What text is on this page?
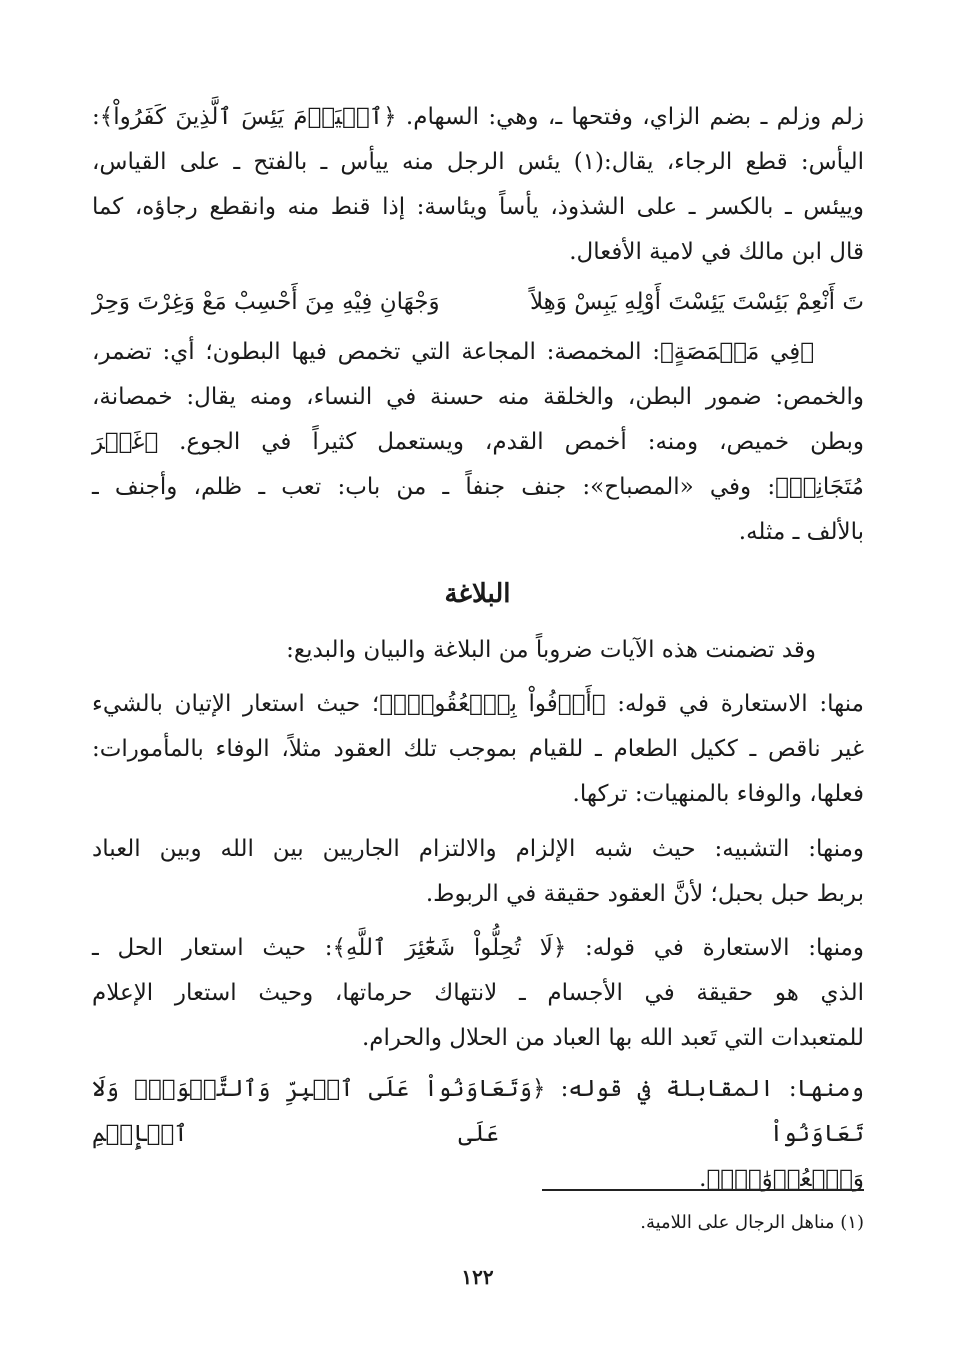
زلم وزلم ـ بضم الزاي، وفتحها ـ، وهي: السهام. ﴿ٱلۡيَوۡمَ يَئِسَ ٱلَّذِينَ كَفَرُواْ﴾:
اليأس: قطع الرجاء، يقال:(١) يئس الرجل منه ييأس ـ بالفتح ـ على القياس،
وييئس ـ بالكسر ـ على الشذوذ، يأساً ويئاسة: إذا قنط منه وانقطع رجاؤه، كما
قال ابن مالك في لامية الأفعال.
تَ أَنْعِمْ بَئِسْتَ يَئِسْتَ أَوْلِهِ يَبِسْ وَهِلاً
وَجْهَانِ فِيْهِ مِنَ أَحْسِبْ مَعْ وَغِرْتَ وَحِرْ
﴿فِي مَخۡمَصَةٍ﴾: المخمصة: المجاعة التي تخمص فيها البطون؛ أي: تضمر،
والخمص: ضمور البطن، والخلقة منه حسنة في النساء، ومنه يقال: خمصانة،
وبطن خميص، ومنه: أخمص القدم، ويستعمل كثيراً في الجوع. ﴿غَيۡرَ
مُتَجَانِفٖ﴾: وفي «المصباح»: جنف جنفاً ـ من باب: تعب ـ ظلم، وأجنف ـ
بالألف ـ مثله.
البلاغة
وقد تضمنت هذه الآيات ضروباً من البلاغة والبيان والبديع:
منها: الاستعارة في قوله: ﴿أَوۡفُواْ بِٱلۡعُقُودِۚ﴾؛ حيث استعار الإتيان بالشيء
غير ناقص ـ ككيل الطعام ـ للقيام بموجب تلك العقود مثلاً، الوفاء بالمأمورات:
فعلها، والوفاء بالمنهيات: تركها.
ومنها: التشبيه: حيث شبه الإلزام والالتزام الجاريين بين الله وبين العباد
بربط حبل بحبل؛ لأنَّ العقود حقيقة في الربوط.
ومنها: الاستعارة في قوله: ﴿لَا تُحِلُّواْ شَعَٰٓئِرَ ٱللَّهِ﴾: حيث استعار الحل ـ
الذي هو حقيقة في الأجسام ـ لانتهاك حرماتها، وحيث استعار الإعلام
للمتعبدات التي تَعبد الله بها العباد من الحلال والحرام.
ومنها: المقابلة في قوله: ﴿وَتَعَاوَنُواْ عَلَى ٱلۡبِرِّ وَٱلتَّقۡوَىٰۖ وَلَا تَعَاوَنُواْ عَلَى ٱلۡإِثۡمِ
وَٱلۡعُدۡوَٰنِۚ﴾.
(١) مناهل الرجال على اللامية.
١٢٢
